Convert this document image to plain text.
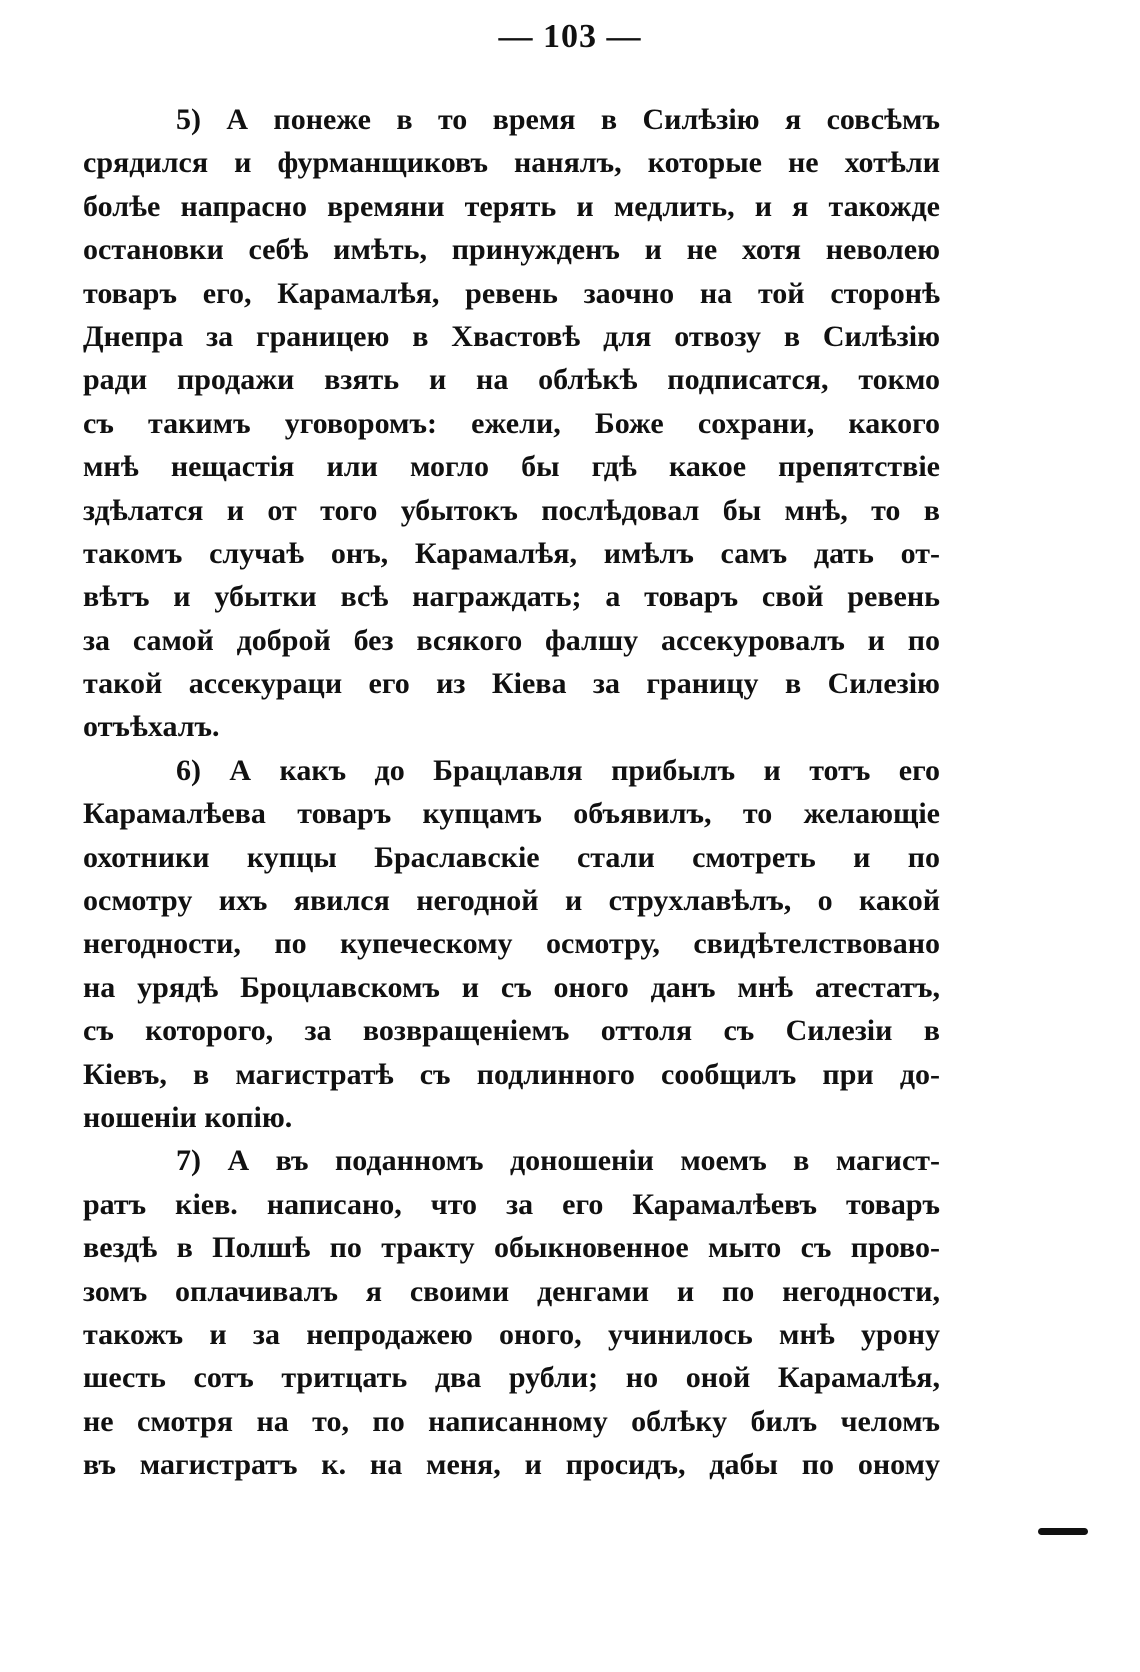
— 103 —
5) А понеже в то время в Силѣзію я совсѣмъ
срядился и фурманщиковъ нанялъ, которые не хотѣли
болѣе напрасно времяни терять и медлить, и я такожде
остановки себѣ имѣть, принужденъ и не хотя неволею
товаръ его, Карамалѣя, ревень заочно на той сторонѣ
Днепра за границею в Хвастовѣ для отвозу в Силѣзію
ради продажи взять и на облѣкѣ подписатся, токмо
съ такимъ уговоромъ: ежели, Боже сохрани, какого
мнѣ нещастія или могло бы гдѣ какое препятствіе
здѣлатся и от того убытокъ послѣдовал бы мнѣ, то в
такомъ случаѣ онъ, Карамалѣя, имѣлъ самъ дать от-
вѣтъ и убытки всѣ награждать; а товаръ свой ревень
за самой доброй без всякого фалшу ассекуровалъ и по
такой ассекураци его из Кіева за границу в Силезію
отъѣхалъ.
6) А какъ до Брацлавля прибылъ и тотъ его
Карамалѣева товаръ купцамъ объявилъ, то желающіе
охотники купцы Браславскіе стали смотреть и по
осмотру ихъ явился негодной и струхлавѣлъ, о какой
негодности, по купеческому осмотру, свидѣтелствовано
на урядѣ Броцлавскомъ и съ оного данъ мнѣ атестатъ,
съ которого, за возвращеніемъ оттоля съ Силезіи в
Кіевъ, в магистратѣ съ подлинного сообщилъ при до-
ношеніи копію.
7) А въ поданномъ доношеніи моемъ в магист-
ратъ кіев. написано, что за его Карамалѣевъ товаръ
вездѣ в Полшѣ по тракту обыкновенное мыто съ прово-
зомъ оплачивалъ я своими денгами и по негодности,
такожъ и за непродажею оного, учинилось мнѣ урону
шесть сотъ тритцать два рубли; но оной Карамалѣя,
не смотря на то, по написанному облѣку билъ челомъ
въ магистратъ к. на меня, и просидъ, дабы по оному
